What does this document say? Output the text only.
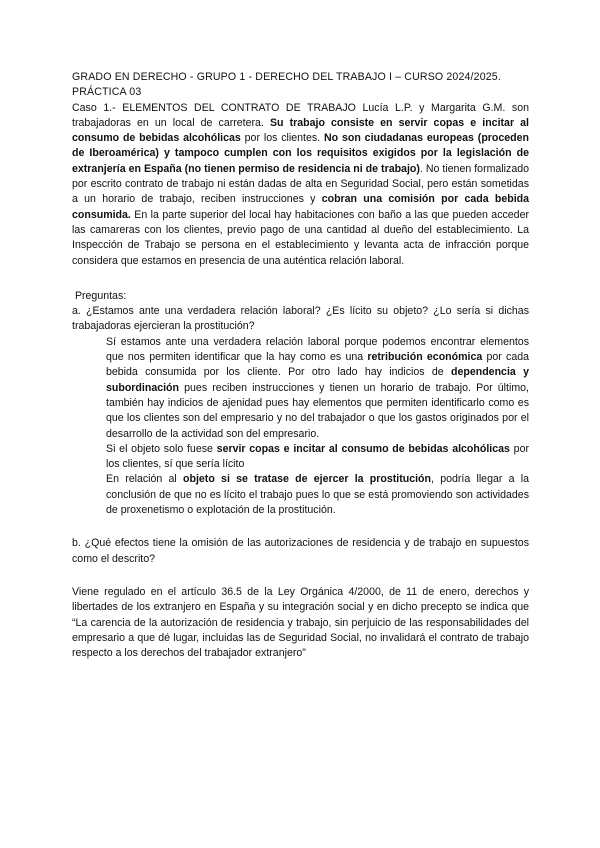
GRADO EN DERECHO - GRUPO 1 - DERECHO DEL TRABAJO I – CURSO 2024/2025.
PRÁCTICA 03

Caso 1.- ELEMENTOS DEL CONTRATO DE TRABAJO Lucía L.P. y Margarita G.M. son trabajadoras en un local de carretera. Su trabajo consiste en servir copas e incitar al consumo de bebidas alcohólicas por los clientes. No son ciudadanas europeas (proceden de Iberoamérica) y tampoco cumplen con los requisitos exigidos por la legislación de extranjería en España (no tienen permiso de residencia ni de trabajo). No tienen formalizado por escrito contrato de trabajo ni están dadas de alta en Seguridad Social, pero están sometidas a un horario de trabajo, reciben instrucciones y cobran una comisión por cada bebida consumida. En la parte superior del local hay habitaciones con baño a las que pueden acceder las camareras con los clientes, previo pago de una cantidad al dueño del establecimiento. La Inspección de Trabajo se persona en el establecimiento y levanta acta de infracción porque considera que estamos en presencia de una auténtica relación laboral.

Preguntas:

a. ¿Estamos ante una verdadera relación laboral? ¿Es lícito su objeto? ¿Lo sería si dichas trabajadoras ejercieran la prostitución?

Sí estamos ante una verdadera relación laboral porque podemos encontrar elementos que nos permiten identificar que la hay como es una retribución económica por cada bebida consumida por los cliente. Por otro lado hay indicios de dependencia y subordinación pues reciben instrucciones y tienen un horario de trabajo. Por último, también hay indicios de ajenidad pues hay elementos que permiten identificarlo como es que los clientes son del empresario y no del trabajador o que los gastos originados por el desarrollo de la actividad son del empresario.

Si el objeto solo fuese servir copas e incitar al consumo de bebidas alcohólicas por los clientes, sí que sería lícito

En relación al objeto si se tratase de ejercer la prostitución, podría llegar a la conclusión de que no es lícito el trabajo pues lo que se está promoviendo son actividades de proxenetismo o explotación de la prostitución.

b. ¿Qué efectos tiene la omisión de las autorizaciones de residencia y de trabajo en supuestos como el descrito?

Viene regulado en el artículo 36.5 de la Ley Orgánica 4/2000, de 11 de enero, derechos y libertades de los extranjero en España y su integración social y en dicho precepto se indica que “La carencia de la autorización de residencia y trabajo, sin perjuicio de las responsabilidades del empresario a que dé lugar, incluidas las de Seguridad Social, no invalidará el contrato de trabajo respecto a los derechos del trabajador extranjero”
